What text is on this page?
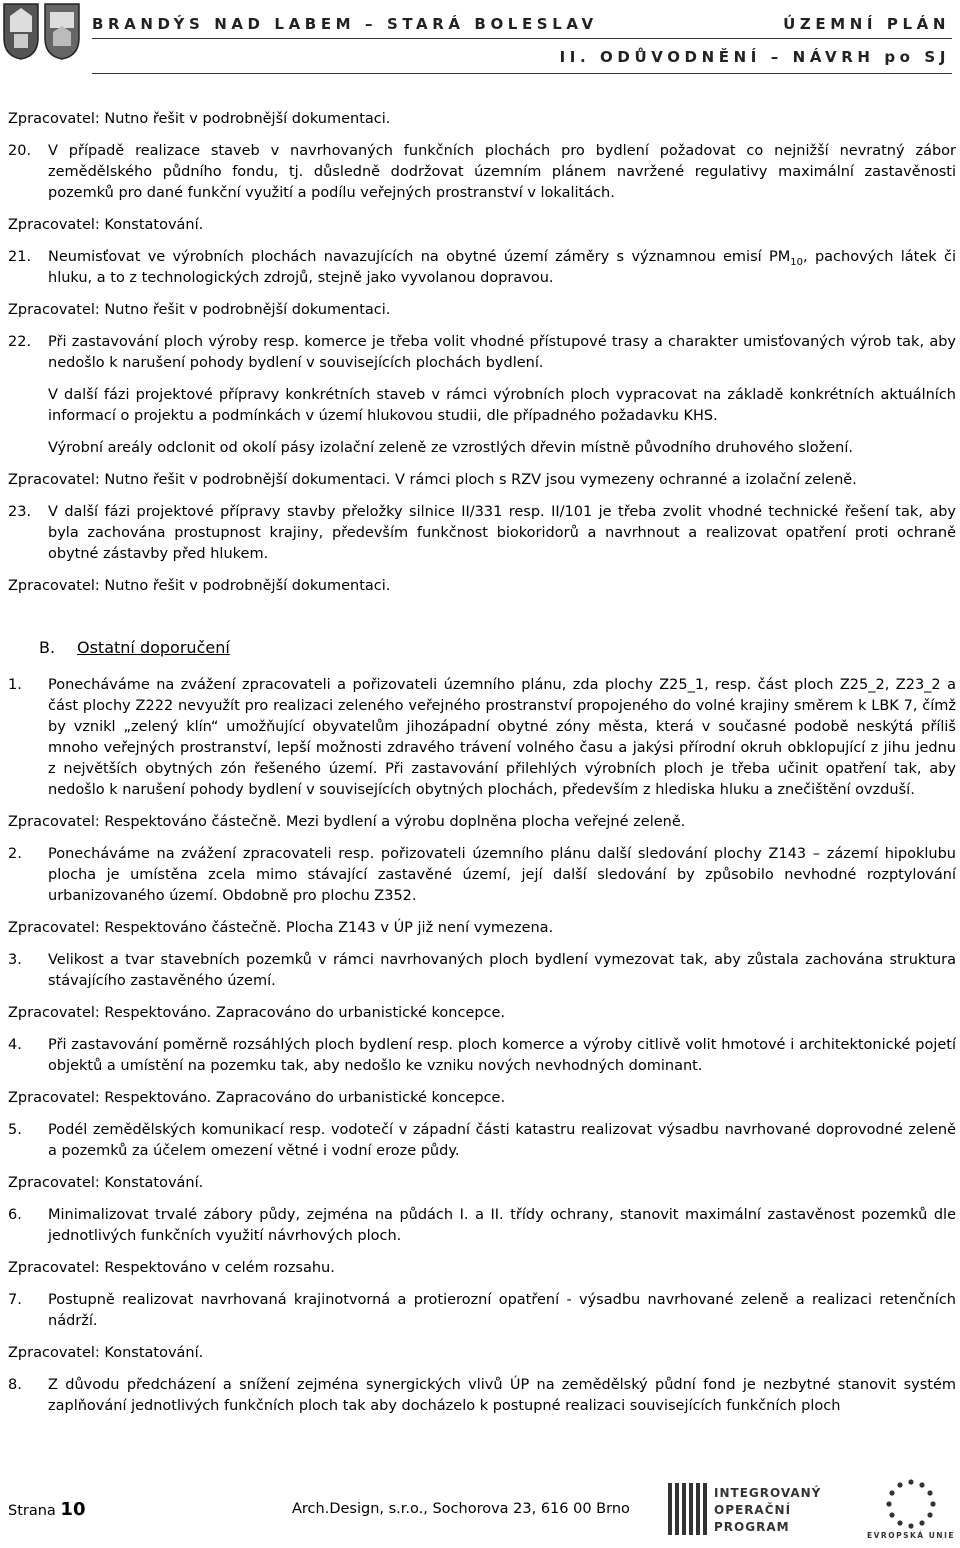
BRANDÝS NAD LABEM – STARÁ BOLESLAV	ÚZEMNÍ PLÁN
II. ODŮVODNĚNÍ – NÁVRH po SJ

Zpracovatel: Nutno řešit v podrobnější dokumentaci.

20.	V případě realizace staveb v navrhovaných funkčních plochách pro bydlení požadovat co nejnižší nevratný zábor zemědělského půdního fondu, tj. důsledně dodržovat územním plánem navržené regulativy maximální zastavěnosti pozemků pro dané funkční využití a podílu veřejných prostranství v lokalitách.

Zpracovatel: Konstatování.

21.	Neumisťovat ve výrobních plochách navazujících na obytné území záměry s významnou emisí $PM_{10}$, pachových látek či hluku, a to z technologických zdrojů, stejně jako vyvolanou dopravou.

Zpracovatel: Nutno řešit v podrobnější dokumentaci.

22.	Při zastavování ploch výroby resp. komerce je třeba volit vhodné přístupové trasy a charakter umisťovaných výrob tak, aby nedošlo k narušení pohody bydlení v souvisejících plochách bydlení.

V další fázi projektové přípravy konkrétních staveb v rámci výrobních ploch vypracovat na základě konkrétních aktuálních informací o projektu a podmínkách v území hlukovou studii, dle případného požadavku KHS.

Výrobní areály odclonit od okolí pásy izolační zeleně ze vzrostlých dřevin místně původního druhového složení.

Zpracovatel: Nutno řešit v podrobnější dokumentaci. V rámci ploch s RZV jsou vymezeny ochranné a izolační zeleně.

23.	V další fázi projektové přípravy stavby přeložky silnice II/331 resp. II/101 je třeba zvolit vhodné technické řešení tak, aby byla zachována prostupnost krajiny, především funkčnost biokoridorů a navrhnout a realizovat opatření proti ochraně obytné zástavby před hlukem.

Zpracovatel: Nutno řešit v podrobnější dokumentaci.

B.	Ostatní doporučení
1.	Ponecháváme na zvážení zpracovateli a pořizovateli územního plánu, zda plochy Z25_1, resp. část ploch Z25_2, Z23_2 a část plochy Z222 nevyužít pro realizaci zeleného veřejného prostranství propojeného do volné krajiny směrem k LBK 7, čímž by vznikl „zelený klín“ umožňující obyvatelům jihozápadní obytné zóny města, která v současné podobě neskýtá příliš mnoho veřejných prostranství, lepší možnosti zdravého trávení volného času a jakýsi přírodní okruh obklopující z jihu jednu z největších obytných zón řešeného území. Při zastavování přilehlých výrobních ploch je třeba učinit opatření tak, aby nedošlo k narušení pohody bydlení v souvisejících obytných plochách, především z hlediska hluku a znečištění ovzduší.

Zpracovatel: Respektováno částečně. Mezi bydlení a výrobu doplněna plocha veřejné zeleně.

2.	Ponecháváme na zvážení zpracovateli resp. pořizovateli územního plánu další sledování plochy Z143 – zázemí hipoklubu plocha je umístěna zcela mimo stávající zastavěné území, její další sledování by způsobilo nevhodné rozptylování urbanizovaného území. Obdobně pro plochu Z352.

Zpracovatel: Respektováno částečně. Plocha Z143 v ÚP již není vymezena.

3.	Velikost a tvar stavebních pozemků v rámci navrhovaných ploch bydlení vymezovat tak, aby zůstala zachována struktura stávajícího zastavěného území.

Zpracovatel: Respektováno. Zapracováno do urbanistické koncepce.

4.	Při zastavování poměrně rozsáhlých ploch bydlení resp. ploch komerce a výroby citlivě volit hmotové i architektonické pojetí objektů a umístění na pozemku tak, aby nedošlo ke vzniku nových nevhodných dominant.

Zpracovatel: Respektováno. Zapracováno do urbanistické koncepce.

5.	Podél zemědělských komunikací resp. vodotečí v západní části katastru realizovat výsadbu navrhované doprovodné zeleně a pozemků za účelem omezení větné i vodní eroze půdy.

Zpracovatel: Konstatování.

6.	Minimalizovat trvalé zábory půdy, zejména na půdách I. a II. třídy ochrany, stanovit maximální zastavěnost pozemků dle jednotlivých funkčních využití návrhových ploch.

Zpracovatel: Respektováno v celém rozsahu.

7.	Postupně realizovat navrhovaná krajinotvorná a protierozní opatření - výsadbu navrhované zeleně a realizaci retenčních nádrží.

Zpracovatel: Konstatování.

8.	Z důvodu předcházení a snížení zejména synergických vlivů ÚP na zemědělský půdní fond je nezbytné stanovit systém zaplňování jednotlivých funkčních ploch tak aby docházelo k postupné realizaci souvisejících funkčních ploch

Strana 10	Arch.Design, s.r.o., Sochorova 23, 616 00 Brno
INTEGROVANÝ
OPERAČNÍ
PROGRAM
EVROPSKÁ UNIE
